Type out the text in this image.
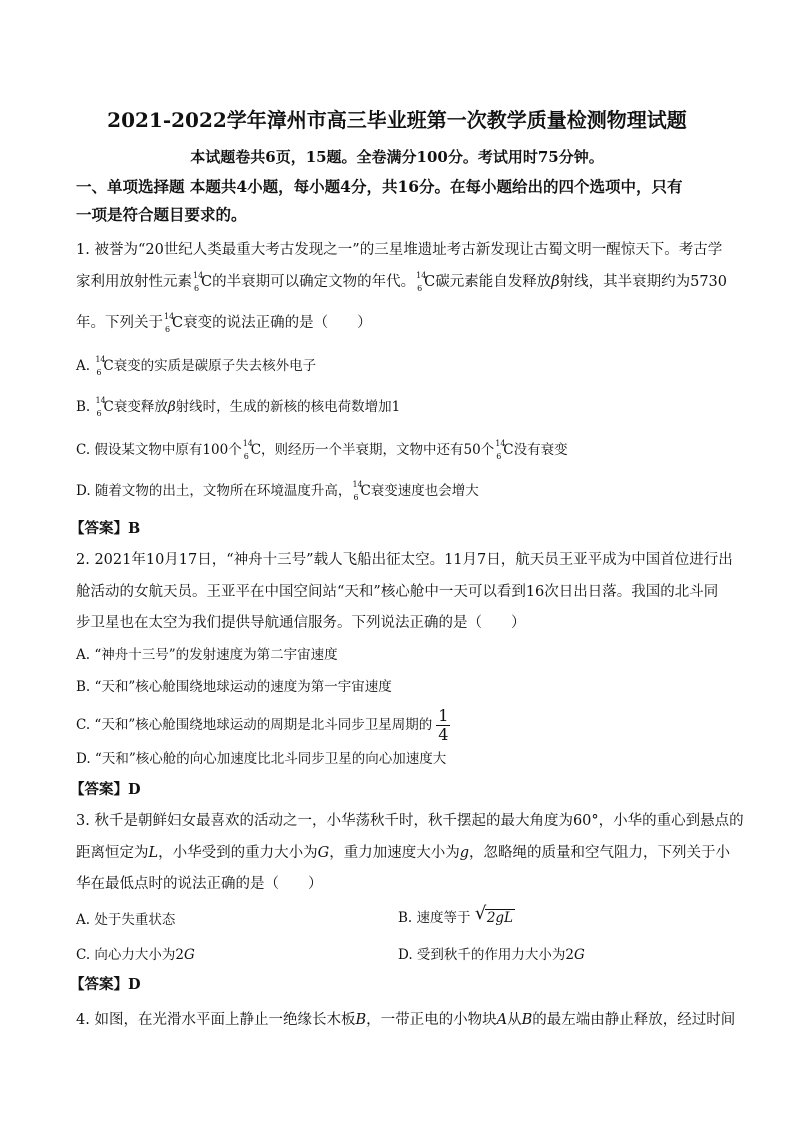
2021-2022学年漳州市高三毕业班第一次教学质量检测物理试题
本试题卷共6页，15题。全卷满分100分。考试用时75分钟。
一、单项选择题 本题共4小题，每小题4分，共16分。在每小题给出的四个选项中，只有
一项是符合题目要求的。
1. 被誉为“20世纪人类最重大考古发现之一”的三星堆遗址考古新发现让古蜀文明一醒惊天下。考古学
家利用放射性元素 14
6 C的半衰期可以确定文物的年代。 14
6 C碳元素能自发释放β射线，其半衰期约为5730
年。下列关于 14
6 C衰变的说法正确的是（　　）
A. 14
6 C衰变的实质是碳原子失去核外电子
B. 14
6 C衰变释放β射线时，生成的新核的核电荷数增加1
C. 假设某文物中原有100个 14
6 C，则经历一个半衰期，文物中还有50个 14
6 C没有衰变
D. 随着文物的出土，文物所在环境温度升高， 14
6 C衰变速度也会增大
【答案】B
2. 2021年10月17日，“神舟十三号”载人飞船出征太空。11月7日，航天员王亚平成为中国首位进行出
舱活动的女航天员。王亚平在中国空间站“天和”核心舱中一天可以看到16次日出日落。我国的北斗同
步卫星也在太空为我们提供导航通信服务。下列说法正确的是（　　）
A. “神舟十三号”的发射速度为第二宇宙速度
B. “天和”核心舱围绕地球运动的速度为第一宇宙速度
C. “天和”核心舱围绕地球运动的周期是北斗同步卫星周期的 $\frac{1}{4}$
D. “天和”核心舱的向心加速度比北斗同步卫星的向心加速度大
【答案】D
3. 秋千是朝鲜妇女最喜欢的活动之一，小华荡秋千时，秋千摆起的最大角度为60°，小华的重心到悬点的
距离恒定为L，小华受到的重力大小为G，重力加速度大小为g，忽略绳的质量和空气阻力，下列关于小
华在最低点时的说法正确的是（　　）
A. 处于失重状态	B. 速度等于 √ 2gL
C. 向心力大小为2G	D. 受到秋千的作用力大小为2G
【答案】D
4. 如图，在光滑水平面上静止一绝缘长木板B，一带正电的小物块A从B的最左端由静止释放，经过时间
